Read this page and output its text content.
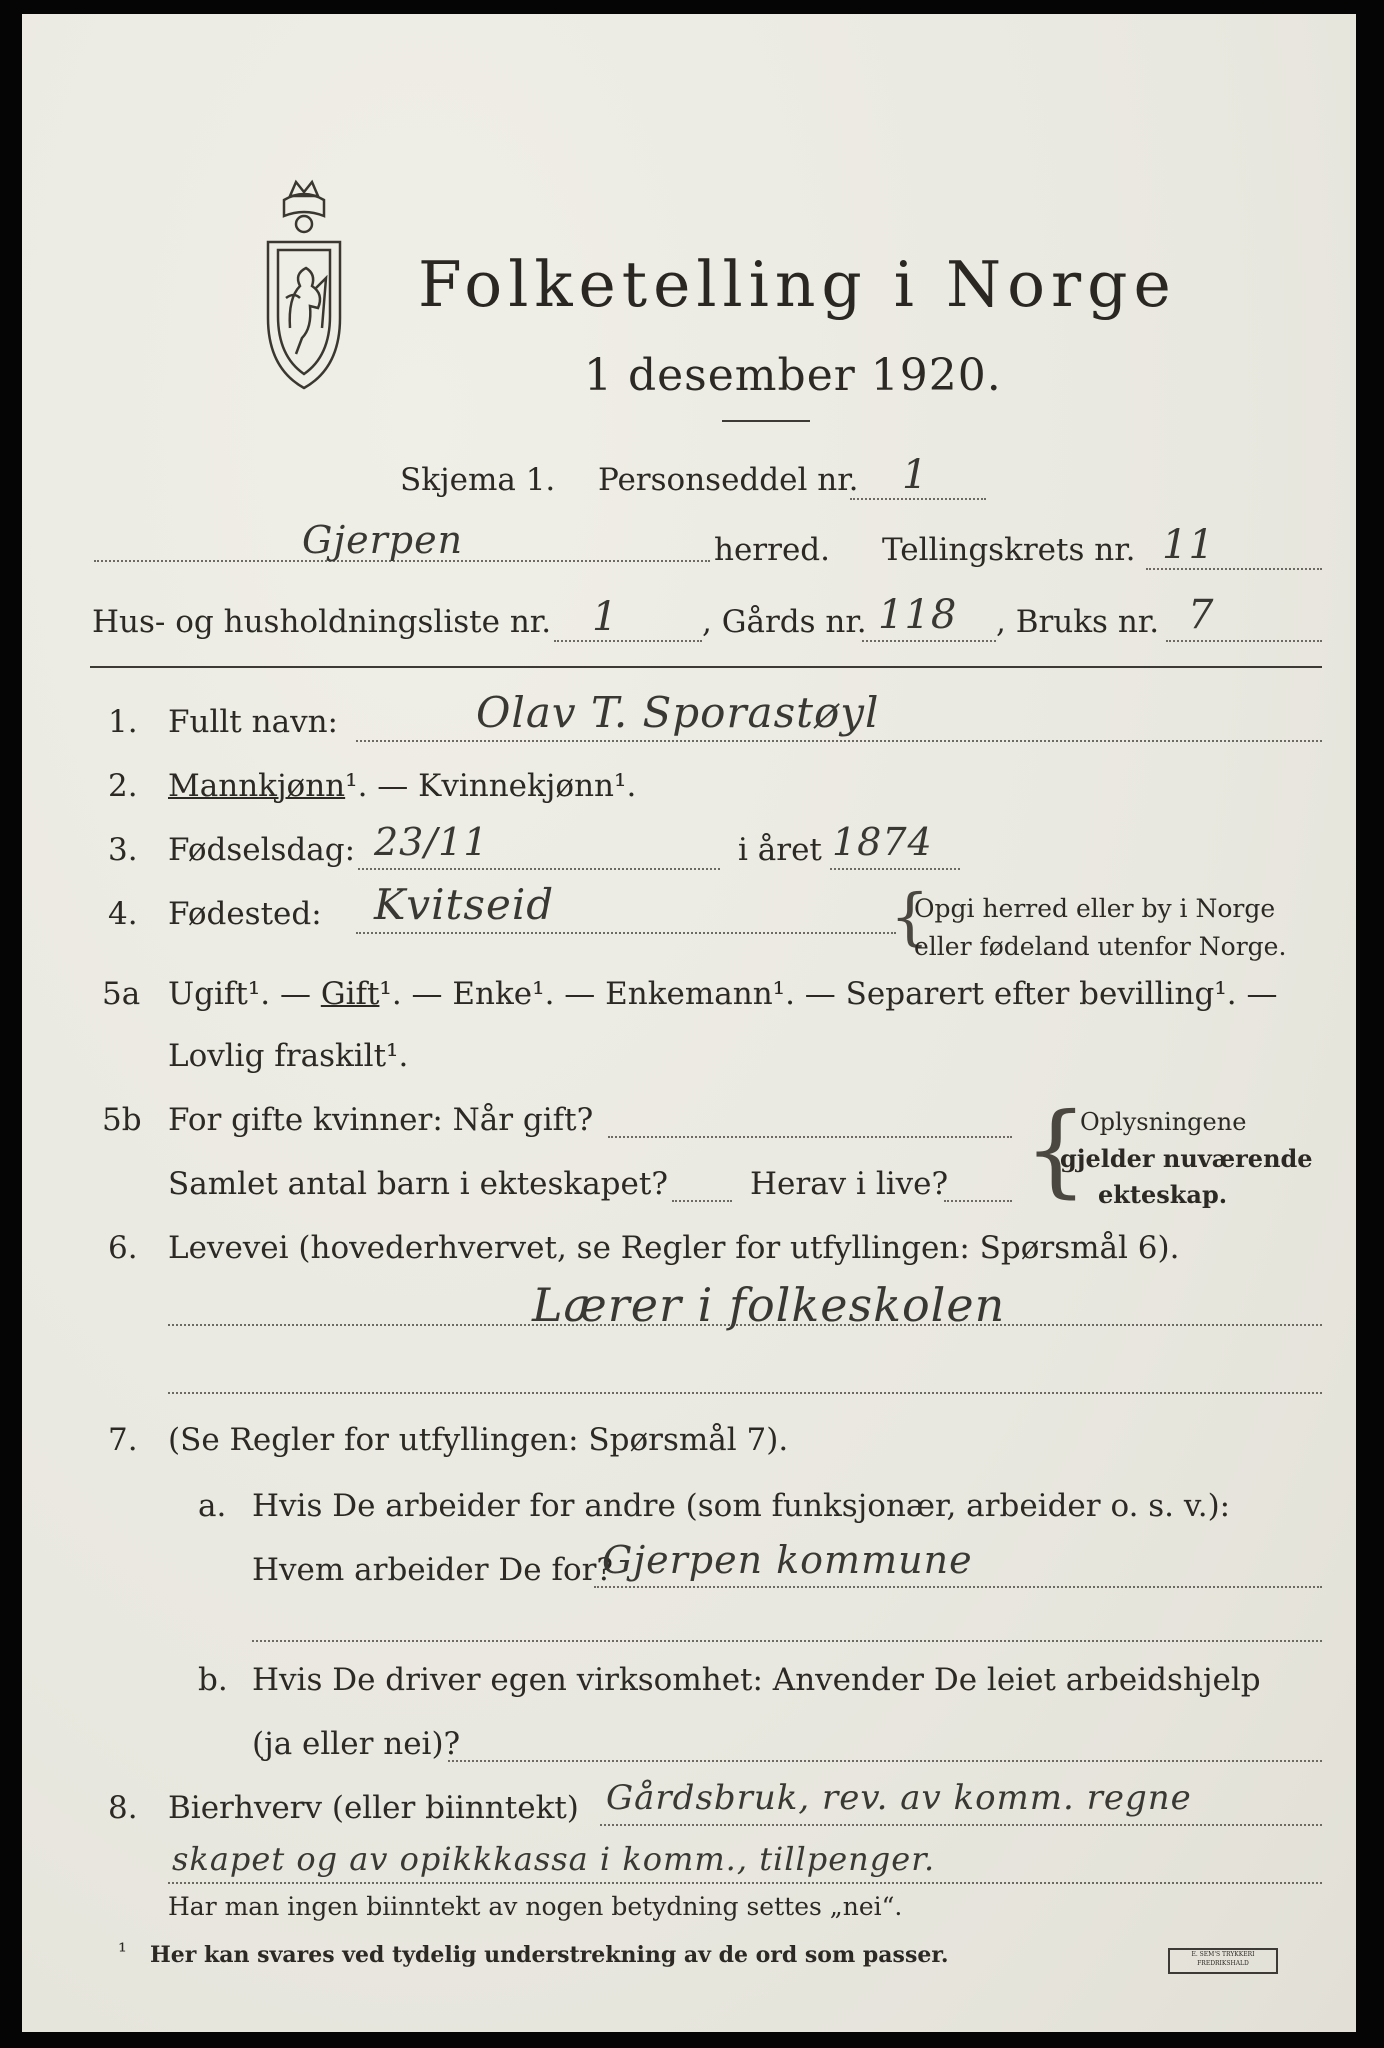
Folketelling i Norge
1 desember 1920.
Skjema 1. Personseddel nr. 1
Gjerpen	herred. Tellingskrets nr. 11
Hus- og husholdningsliste nr. 1	, Gårds nr. 118 , Bruks nr. 7
1. Fullt navn:	Olav T. Sporastøyl
2. Mannkjønn¹. — Kvinnekjønn¹.
3. Fødselsdag: 23/11	i året 1874
4. Fødested: Kvitseid	{
Opgi herred eller by i Norge
eller fødeland utenfor Norge.
5a Ugift¹. — Gift¹. — Enke¹. — Enkemann¹. — Separert efter bevilling¹. —
Lovlig fraskilt¹.
5b For gifte kvinner: Når gift?
Samlet antal barn i ekteskapet?	Herav i live? {
Oplysningene
gjelder nuværende
ekteskap.
6. Levevei (hovederhvervet, se Regler for utfyllingen: Spørsmål 6).
Lærer i folkeskolen
7. (Se Regler for utfyllingen: Spørsmål 7).
a. Hvis De arbeider for andre (som funksjonær, arbeider o. s. v.):
Hvem arbeider De for?
Gjerpen kommune
b. Hvis De driver egen virksomhet: Anvender De leiet arbeidshjelp
(ja eller nei)?
8. Bierhverv (eller biinntekt) Gårdsbruk, rev. av komm. regne
skapet og av opikkkassa i komm., tillpenger.
Har man ingen biinntekt av nogen betydning settes „nei“.
¹ Her kan svares ved tydelig understrekning av de ord som passer.	E. SEM'S TRYKKERI
FREDRIKSHALD
